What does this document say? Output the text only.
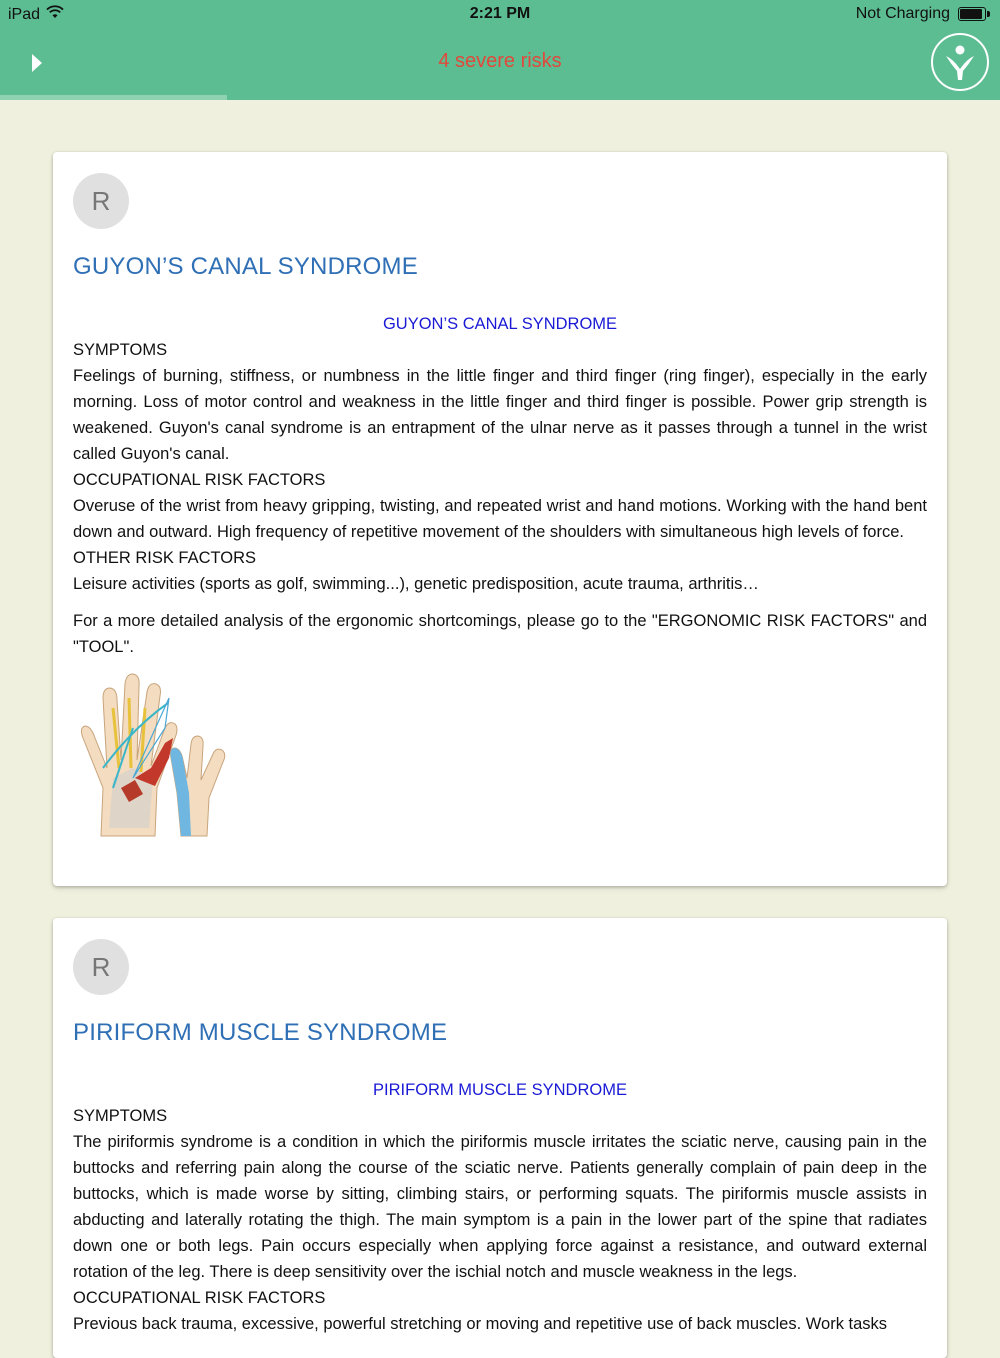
iPad	2:21 PM	Not Charging
4 severe risks
R
GUYON’S CANAL SYNDROME

GUYON’S CANAL SYNDROME

SYMPTOMS

Feelings of burning, stiffness, or numbness in the little finger and third finger (ring finger), especially in the early morning. Loss of motor control and weakness in the little finger and third finger is possible. Power grip strength is weakened. Guyon's canal syndrome is an entrapment of the ulnar nerve as it passes through a tunnel in the wrist called Guyon's canal.

OCCUPATIONAL RISK FACTORS

Overuse of the wrist from heavy gripping, twisting, and repeated wrist and hand motions. Working with the hand bent down and outward. High frequency of repetitive movement of the shoulders with simultaneous high levels of force.

OTHER RISK FACTORS

Leisure activities (sports as golf, swimming...), genetic predisposition, acute trauma, arthritis…

For a more detailed analysis of the ergonomic shortcomings, please go to the "ERGONOMIC RISK FACTORS" and "TOOL".

R
PIRIFORM MUSCLE SYNDROME

PIRIFORM MUSCLE SYNDROME

SYMPTOMS

The piriformis syndrome is a condition in which the piriformis muscle irritates the sciatic nerve, causing pain in the buttocks and referring pain along the course of the sciatic nerve. Patients generally complain of pain deep in the buttocks, which is made worse by sitting, climbing stairs, or performing squats. The piriformis muscle assists in abducting and laterally rotating the thigh. The main symptom is a pain in the lower part of the spine that radiates down one or both legs. Pain occurs especially when applying force against a resistance, and outward external rotation of the leg. There is deep sensitivity over the ischial notch and muscle weakness in the legs.

OCCUPATIONAL RISK FACTORS

Previous back trauma, excessive, powerful stretching or moving and repetitive use of back muscles. Work tasks
